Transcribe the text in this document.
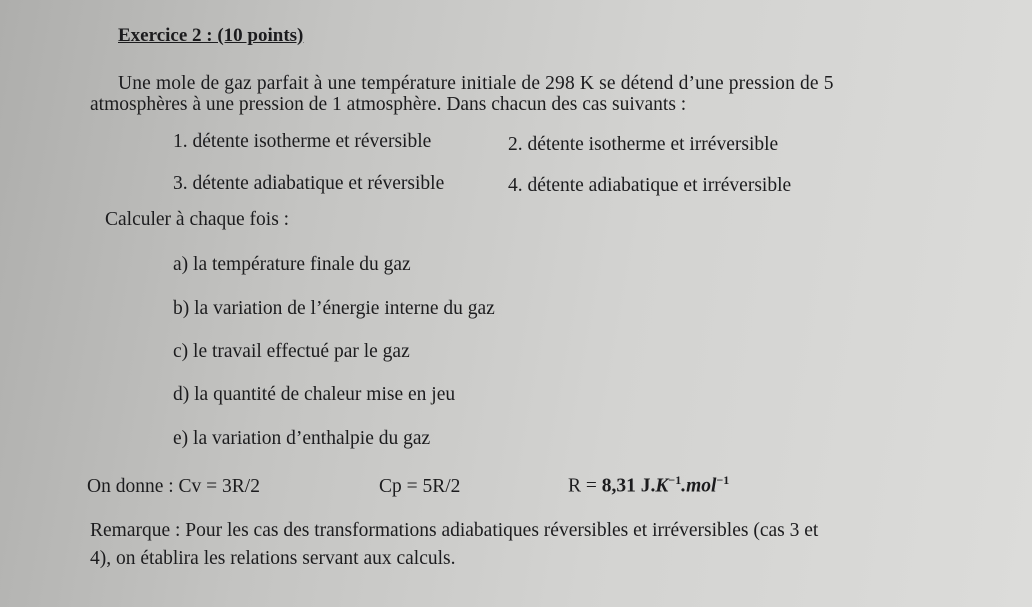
Exercice 2 : (10 points)
Une mole de gaz parfait à une température initiale de 298 K se détend d’une pression de 5
atmosphères à une pression de 1 atmosphère. Dans chacun des cas suivants :
1. détente isotherme et réversible	2. détente isotherme et irréversible
3. détente adiabatique et réversible	4. détente adiabatique et irréversible
Calculer à chaque fois :
a) la température finale du gaz
b) la variation de l’énergie interne du gaz
c) le travail effectué par le gaz
d) la quantité de chaleur mise en jeu
e) la variation d’enthalpie du gaz
On donne : Cv = 3R/2	Cp = 5R/2	R = 8,31 $J.K^{-1}.mol^{-1}$
Remarque : Pour les cas des transformations adiabatiques réversibles et irréversibles (cas 3 et
4), on établira les relations servant aux calculs.
